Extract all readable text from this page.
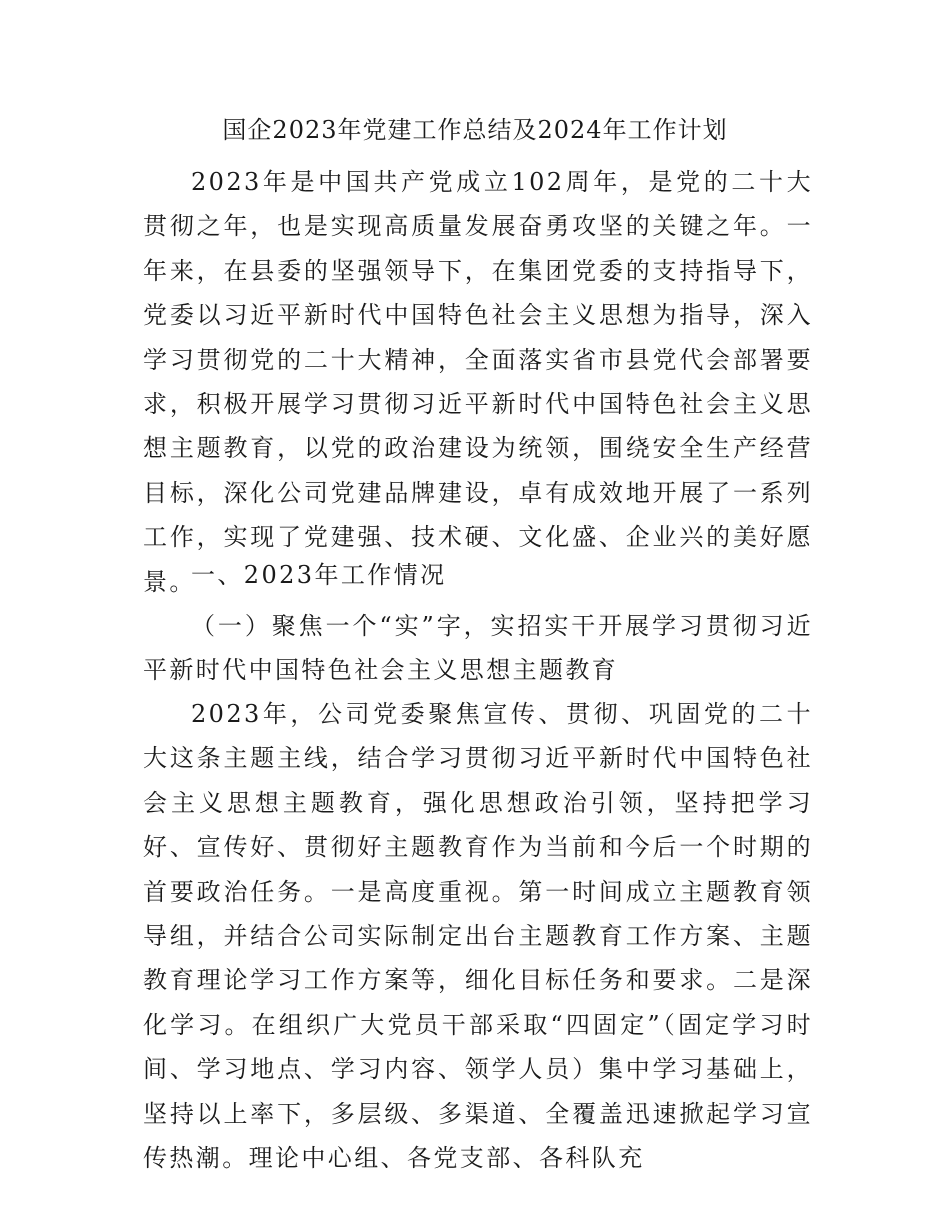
国企2023年党建工作总结及2024年工作计划

2023年是中国共产党成立102周年，是党的二十大贯彻之年，也是实现高质量发展奋勇攻坚的关键之年。一年来，在县委的坚强领导下，在集团党委的支持指导下，党委以习近平新时代中国特色社会主义思想为指导，深入学习贯彻党的二十大精神，全面落实省市县党代会部署要求，积极开展学习贯彻习近平新时代中国特色社会主义思想主题教育，以党的政治建设为统领，围绕安全生产经营目标，深化公司党建品牌建设，卓有成效地开展了一系列工作，实现了党建强、技术硬、文化盛、企业兴的美好愿景。

一、2023年工作情况

（一）聚焦一个“实”字，实招实干开展学习贯彻习近平新时代中国特色社会主义思想主题教育

2023年，公司党委聚焦宣传、贯彻、巩固党的二十大这条主题主线，结合学习贯彻习近平新时代中国特色社会主义思想主题教育，强化思想政治引领，坚持把学习好、宣传好、贯彻好主题教育作为当前和今后一个时期的首要政治任务。一是高度重视。第一时间成立主题教育领导组，并结合公司实际制定出台主题教育工作方案、主题教育理论学习工作方案等，细化目标任务和要求。二是深化学习。在组织广大党员干部采取“四固定”（固定学习时间、学习地点、学习内容、领学人员）集中学习基础上，坚持以上率下，多层级、多渠道、全覆盖迅速掀起学习宣传热潮。理论中心组、各党支部、各科队充
